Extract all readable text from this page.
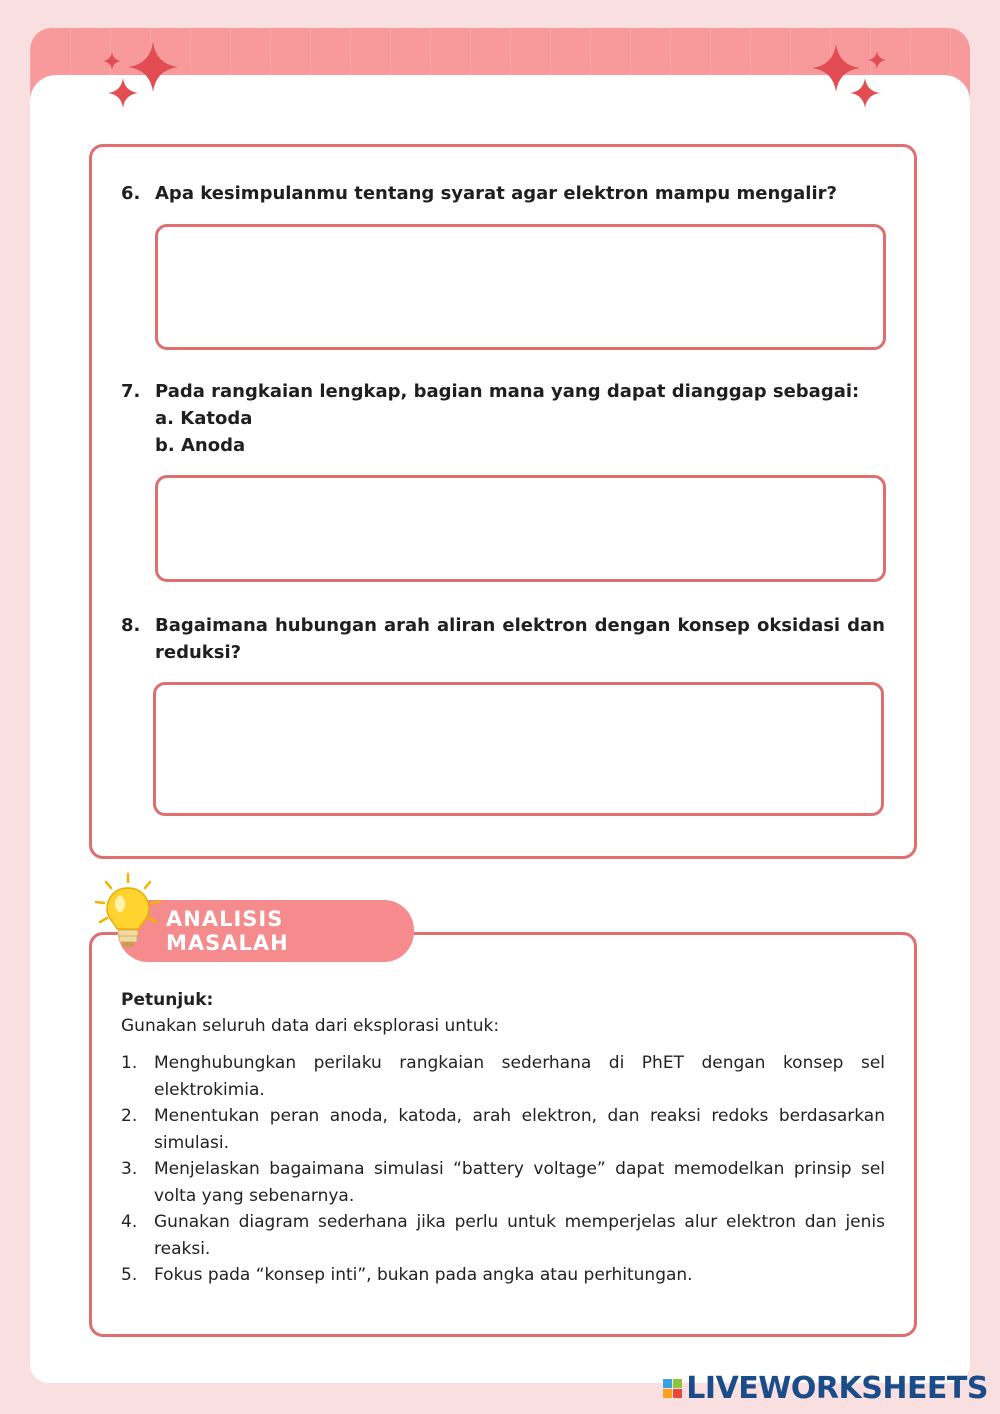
6. Apa kesimpulanmu tentang syarat agar elektron mampu mengalir?
7. Pada rangkaian lengkap, bagian mana yang dapat dianggap sebagai:
a. Katoda
b. Anoda
8. Bagaimana hubungan arah aliran elektron dengan konsep oksidasi dan reduksi?
ANALISIS MASALAH
Petunjuk:
Gunakan seluruh data dari eksplorasi untuk:
1. Menghubungkan perilaku rangkaian sederhana di PhET dengan konsep sel elektrokimia.
2. Menentukan peran anoda, katoda, arah elektron, dan reaksi redoks berdasarkan simulasi.
3. Menjelaskan bagaimana simulasi “battery voltage” dapat memodelkan prinsip sel volta yang sebenarnya.
4. Gunakan diagram sederhana jika perlu untuk memperjelas alur elektron dan jenis reaksi.
5. Fokus pada “konsep inti”, bukan pada angka atau perhitungan.
LIVEWORKSHEETS
